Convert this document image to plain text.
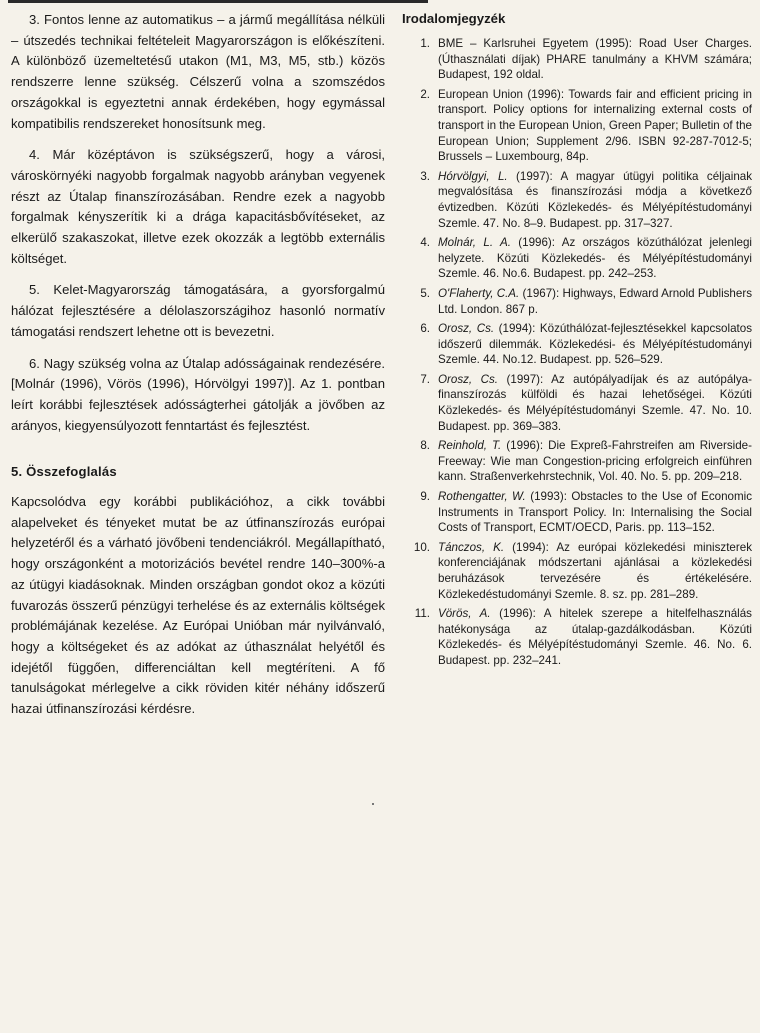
3. Fontos lenne az automatikus – a jármű megállítása nélküli – útszedés technikai feltételeit Magyarországon is előkészíteni. A különböző üzemeltetésű utakon (M1, M3, M5, stb.) közös rendszerre lenne szükség. Célszerű volna a szomszédos országokkal is egyeztetni annak érdekében, hogy egymással kompatibilis rendszereket honosítsunk meg.

4. Már középtávon is szükségszerű, hogy a városi, városkörnyéki nagyobb forgalmak nagyobb arányban vegyenek részt az Útalap finanszírozásában. Rendre ezek a nagyobb forgalmak kényszerítik ki a drága kapacitásbővítéseket, az elkerülő szakaszokat, illetve ezek okozzák a legtöbb externális költséget.

5. Kelet-Magyarország támogatására, a gyorsforgalmú hálózat fejlesztésére a délolaszországihoz hasonló normatív támogatási rendszert lehetne ott is bevezetni.

6. Nagy szükség volna az Útalap adósságainak rendezésére. [Molnár (1996), Vörös (1996), Hórvölgyi 1997)]. Az 1. pontban leírt korábbi fejlesztések adósságterhei gátolják a jövőben az arányos, kiegyensúlyozott fenntartást és fejlesztést.

5. Összefoglalás

Kapcsolódva egy korábbi publikációhoz, a cikk további alapelveket és tényeket mutat be az útfinanszírozás európai helyzetéről és a várható jövőbeni tendenciákról. Megállapítható, hogy országonként a motorizációs bevétel rendre 140–300%-a az útügyi kiadásoknak. Minden országban gondot okoz a közúti fuvarozás összerű pénzügyi terhelése és az externális költségek problémájának kezelése. Az Európai Unióban már nyilvánvaló, hogy a költségeket és az adókat az úthasználat helyétől és idejétől függően, differenciáltan kell megtéríteni. A fő tanulságokat mérlegelve a cikk röviden kitér néhány időszerű hazai útfinanszírozási kérdésre.

Irodalomjegyzék
1. BME – Karlsruhei Egyetem (1995): Road User Charges. (Úthasználati díjak) PHARE tanulmány a KHVM számára; Budapest, 192 oldal.
2. European Union (1996): Towards fair and efficient pricing in transport. Policy options for internalizing external costs of transport in the European Union, Green Paper; Bulletin of the European Union; Supplement 2/96. ISBN 92-287-7012-5; Brussels – Luxembourg, 84p.
3. Hórvölgyi, L. (1997): A magyar útügyi politika céljainak megvalósítása és finanszírozási módja a következő évtizedben. Közúti Közlekedés- és Mélyépítéstudományi Szemle. 47. No. 8–9. Budapest. pp. 317–327.
4. Molnár, L. A. (1996): Az országos közúthálózat jelenlegi helyzete. Közúti Közlekedés- és Mélyépítéstudományi Szemle. 46. No.6. Budapest. pp. 242–253.
5. O'Flaherty, C.A. (1967): Highways, Edward Arnold Publishers Ltd. London. 867 p.
6. Orosz, Cs. (1994): Közúthálózat-fejlesztésekkel kapcsolatos időszerű dilemmák. Közlekedési- és Mélyépítéstudományi Szemle. 44. No.12. Budapest. pp. 526–529.
7. Orosz, Cs. (1997): Az autópályadíjak és az autópálya-finanszírozás külföldi és hazai lehetőségei. Közúti Közlekedés- és Mélyépítéstudományi Szemle. 47. No. 10. Budapest. pp. 369–383.
8. Reinhold, T. (1996): Die Expreß-Fahrstreifen am Riverside-Freeway: Wie man Congestion-pricing erfolgreich einführen kann. Straßenverkehrstechnik, Vol. 40. No. 5. pp. 209–218.
9. Rothengatter, W. (1993): Obstacles to the Use of Economic Instruments in Transport Policy. In: Internalising the Social Costs of Transport, ECMT/OECD, Paris. pp. 113–152.
10. Tánczos, K. (1994): Az európai közlekedési miniszterek konferenciájának módszertani ajánlásai a közlekedési beruházások tervezésére és értékelésére. Közlekedéstudományi Szemle. 8. sz. pp. 281–289.
11. Vörös, A. (1996): A hitelek szerepe a hitelfelhasználás hatékonysága az útalap-gazdálkodásban. Közúti Közlekedés- és Mélyépítéstudományi Szemle. 46. No. 6. Budapest. pp. 232–241.
